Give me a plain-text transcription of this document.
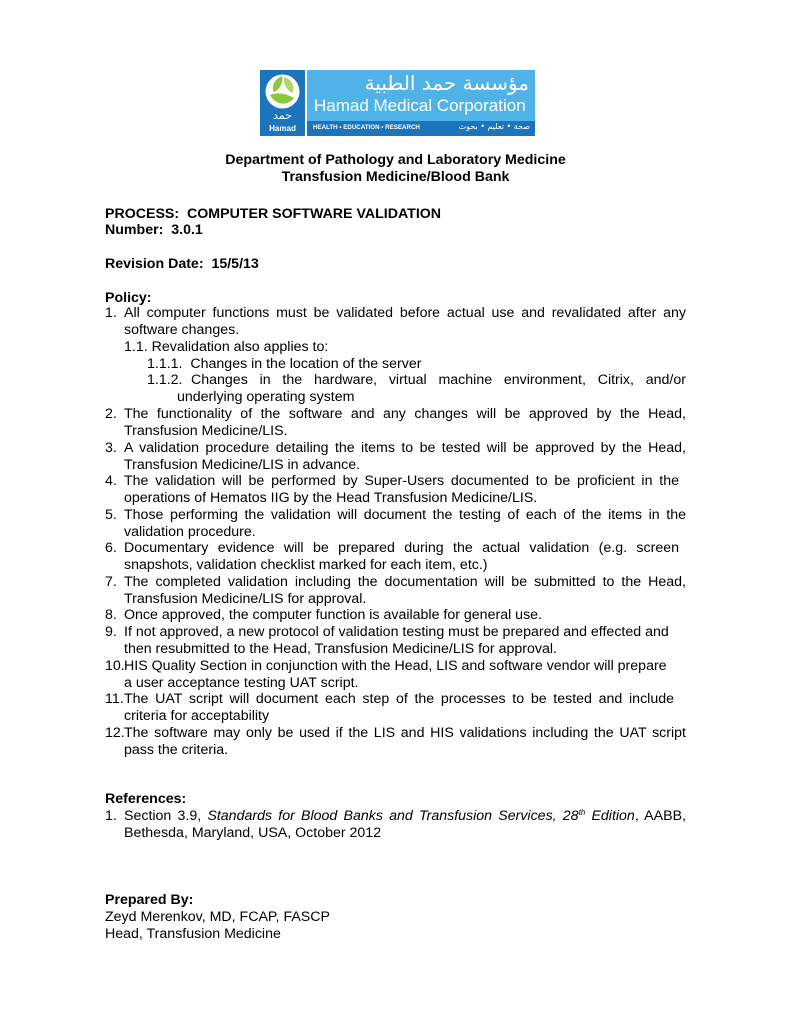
حمد
Hamad
مؤسسة حمد الطبية
Hamad Medical Corporation
HEALTH • EDUCATION • RESEARCH	صحة • تعليم • بحوث
Department of Pathology and Laboratory Medicine
Transfusion Medicine/Blood Bank
PROCESS: COMPUTER SOFTWARE VALIDATION
Number: 3.0.1
Revision Date: 15/5/13
Policy:
1. All computer functions must be validated before actual use and revalidated after any
software changes.
1.1. Revalidation also applies to:
1.1.1. Changes in the location of the server
1.1.2. Changes in the hardware, virtual machine environment, Citrix, and/or
underlying operating system
2. The functionality of the software and any changes will be approved by the Head,
Transfusion Medicine/LIS.
3. A validation procedure detailing the items to be tested will be approved by the Head,
Transfusion Medicine/LIS in advance.
4. The validation will be performed by Super-Users documented to be proficient in the
operations of Hematos IIG by the Head Transfusion Medicine/LIS.
5. Those performing the validation will document the testing of each of the items in the
validation procedure.
6. Documentary evidence will be prepared during the actual validation (e.g. screen
snapshots, validation checklist marked for each item, etc.)
7. The completed validation including the documentation will be submitted to the Head,
Transfusion Medicine/LIS for approval.
8. Once approved, the computer function is available for general use.
9. If not approved, a new protocol of validation testing must be prepared and effected and
then resubmitted to the Head, Transfusion Medicine/LIS for approval.
10. HIS Quality Section in conjunction with the Head, LIS and software vendor will prepare
a user acceptance testing UAT script.
11. The UAT script will document each step of the processes to be tested and include
criteria for acceptability
12. The software may only be used if the LIS and HIS validations including the UAT script
pass the criteria.
References:
1. Section 3.9, Standards for Blood Banks and Transfusion Services, 28th Edition, AABB,
Bethesda, Maryland, USA, October 2012
Prepared By:
Zeyd Merenkov, MD, FCAP, FASCP
Head, Transfusion Medicine
